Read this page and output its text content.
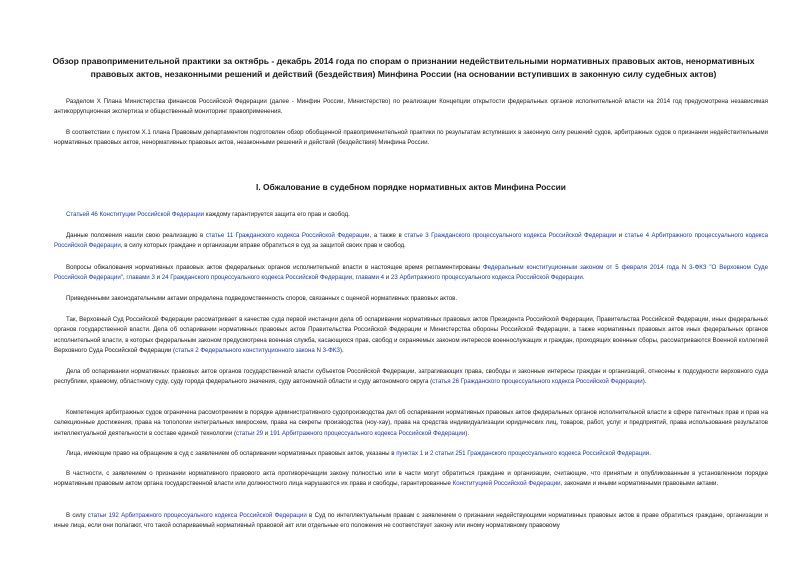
Обзор правоприменительной практики за октябрь - декабрь 2014 года по спорам о признании недействительными нормативных правовых актов, ненормативных правовых актов, незаконными решений и действий (бездействия) Минфина России (на основании вступивших в законную силу судебных актов)

Разделом X Плана Министерства финансов Российской Федерации (далее - Минфин России, Министерство) по реализации Концепции открытости федеральных органов исполнительной власти на 2014 год предусмотрена независимая антикоррупционная экспертиза и общественный мониторинг правоприменения.

В соответствии с пунктом X.1 плана Правовым департаментом подготовлен обзор обобщенной правоприменительной практики по результатам вступивших в законную силу решений судов, арбитражных судов о признании недействительными нормативных правовых актов, ненормативных правовых актов, незаконными решений и действий (бездействия) Минфина России.

I. Обжалование в судебном порядке нормативных актов Минфина России

Статьей 46 Конституции Российской Федерации каждому гарантируется защита его прав и свобод.

Данные положения нашли свою реализацию в статье 11 Гражданского кодекса Российской Федерации, а также в статье 3 Гражданского процессуального кодекса Российской Федерации и статье 4 Арбитражного процессуального кодекса Российской Федерации, в силу которых граждане и организации вправе обратиться в суд за защитой своих прав и свобод.

Вопросы обжалования нормативных правовых актов федеральных органов исполнительной власти в настоящее время регламентированы Федеральным конституционным законом от 5 февраля 2014 года N 3-ФКЗ "О Верховном Суде Российской Федерации", главами 3 и 24 Гражданского процессуального кодекса Российской Федерации, главами 4 и 23 Арбитражного процессуального кодекса Российской Федерации.

Приведенными законодательными актами определена подведомственность споров, связанных с оценкой нормативных правовых актов.

Так, Верховный Суд Российской Федерации рассматривает в качестве суда первой инстанции дела об оспаривании нормативных правовых актов Президента Российской Федерации, Правительства Российской Федерации, иных федеральных органов государственной власти. Дела об оспаривании нормативных правовых актов Правительства Российской Федерации и Министерства обороны Российской Федерации, а также нормативных правовых актов иных федеральных органов исполнительной власти, в которых федеральным законом предусмотрена военная служба, касающихся прав, свобод и охраняемых законом интересов военнослужащих и граждан, проходящих военные сборы, рассматриваются Военной коллегией Верховного Суда Российской Федерации (статья 2 Федерального конституционного закона N 3-ФКЗ).

Дела об оспаривании нормативных правовых актов органов государственной власти субъектов Российской Федерации, затрагивающих права, свободы и законные интересы граждан и организаций, отнесены к подсудности верховного суда республики, краевому, областному суду, суду города федерального значения, суду автономной области и суду автономного округа (статья 26 Гражданского процессуального кодекса Российской Федерации).

Компетенция арбитражных судов ограничена рассмотрением в порядке административного судопроизводства дел об оспаривании нормативных правовых актов федеральных органов исполнительной власти в сфере патентных прав и прав на селекционные достижения, права на топологии интегральных микросхем, права на секреты производства (ноу-хау), права на средства индивидуализации юридических лиц, товаров, работ, услуг и предприятий, права использования результатов интеллектуальной деятельности в составе единой технологии (статьи 29 и 191 Арбитражного процессуального кодекса Российской Федерации).

Лица, имеющие право на обращение в суд с заявлением об оспаривании нормативных правовых актов, указаны в пунктах 1 и 2 статьи 251 Гражданского процессуального кодекса Российской Федерации.

В частности, с заявлением о признании нормативного правового акта противоречащим закону полностью или в части могут обратиться граждане и организации, считающие, что принятым и опубликованным в установленном порядке нормативным правовым актом органа государственной власти или должностного лица нарушаются их права и свободы, гарантированные Конституцией Российской Федерации, законами и иными нормативными правовыми актами.

В силу статьи 192 Арбитражного процессуального кодекса Российской Федерации в Суд по интеллектуальным правам с заявлением о признании недействующими нормативных правовых актов в праве обратиться граждане, организации и иные лица, если они полагают, что такой оспариваемый нормативный правовой акт или отдельные его положения не соответствует закону или иному нормативному правовому
